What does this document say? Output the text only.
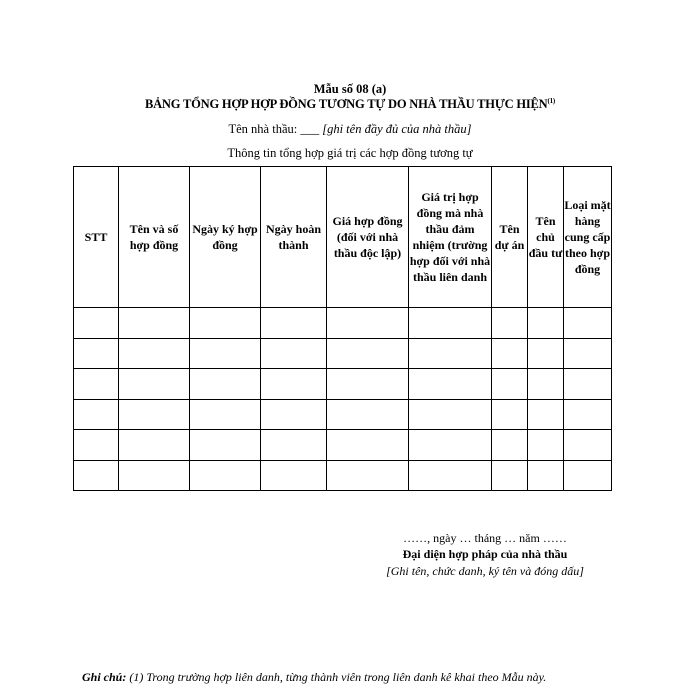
Mẫu số 08 (a)
BẢNG TỔNG HỢP HỢP ĐỒNG TƯƠNG TỰ DO NHÀ THẦU THỰC HIỆN$^{(1)}$
Tên nhà thầu: ___ [ghi tên đầy đủ của nhà thầu]
Thông tin tổng hợp giá trị các hợp đồng tương tự
STT	Tên và số hợp đồng	Ngày ký hợp đồng	Ngày hoàn thành	Giá hợp đồng (đối với nhà thầu độc lập)	Giá trị hợp đồng mà nhà thầu đảm nhiệm (trường hợp đối với nhà thầu liên danh	Tên dự án	Tên chủ đầu tư	Loại mặt hàng cung cấp theo hợp đồng

……, ngày … tháng … năm ……
Đại diện hợp pháp của nhà thầu
[Ghi tên, chức danh, ký tên và đóng dấu]
Ghi chú: (1) Trong trường hợp liên danh, từng thành viên trong liên danh kê khai theo Mẫu này.
